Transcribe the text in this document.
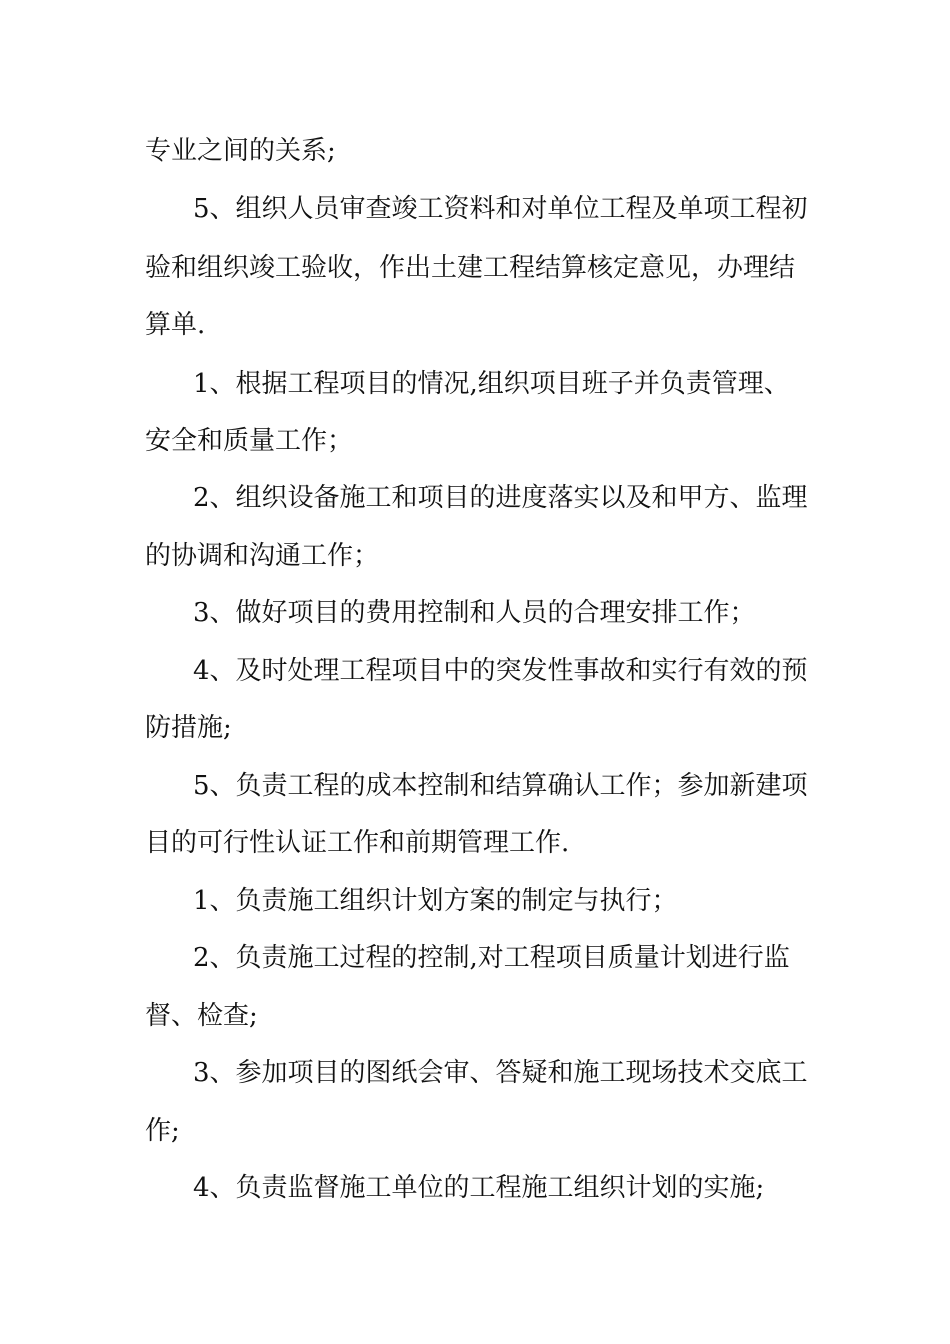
专业之间的关系;
5、组织人员审查竣工资料和对单位工程及单项工程初
验和组织竣工验收，作出土建工程结算核定意见，办理结
算单.
1、根据工程项目的情况,组织项目班子并负责管理、
安全和质量工作；
2、组织设备施工和项目的进度落实以及和甲方、监理
的协调和沟通工作；
3、做好项目的费用控制和人员的合理安排工作；
4、及时处理工程项目中的突发性事故和实行有效的预
防措施;
5、负责工程的成本控制和结算确认工作；参加新建项
目的可行性认证工作和前期管理工作.
1、负责施工组织计划方案的制定与执行；
2、负责施工过程的控制,对工程项目质量计划进行监
督、检查;
3、参加项目的图纸会审、答疑和施工现场技术交底工
作;
4、负责监督施工单位的工程施工组织计划的实施;
